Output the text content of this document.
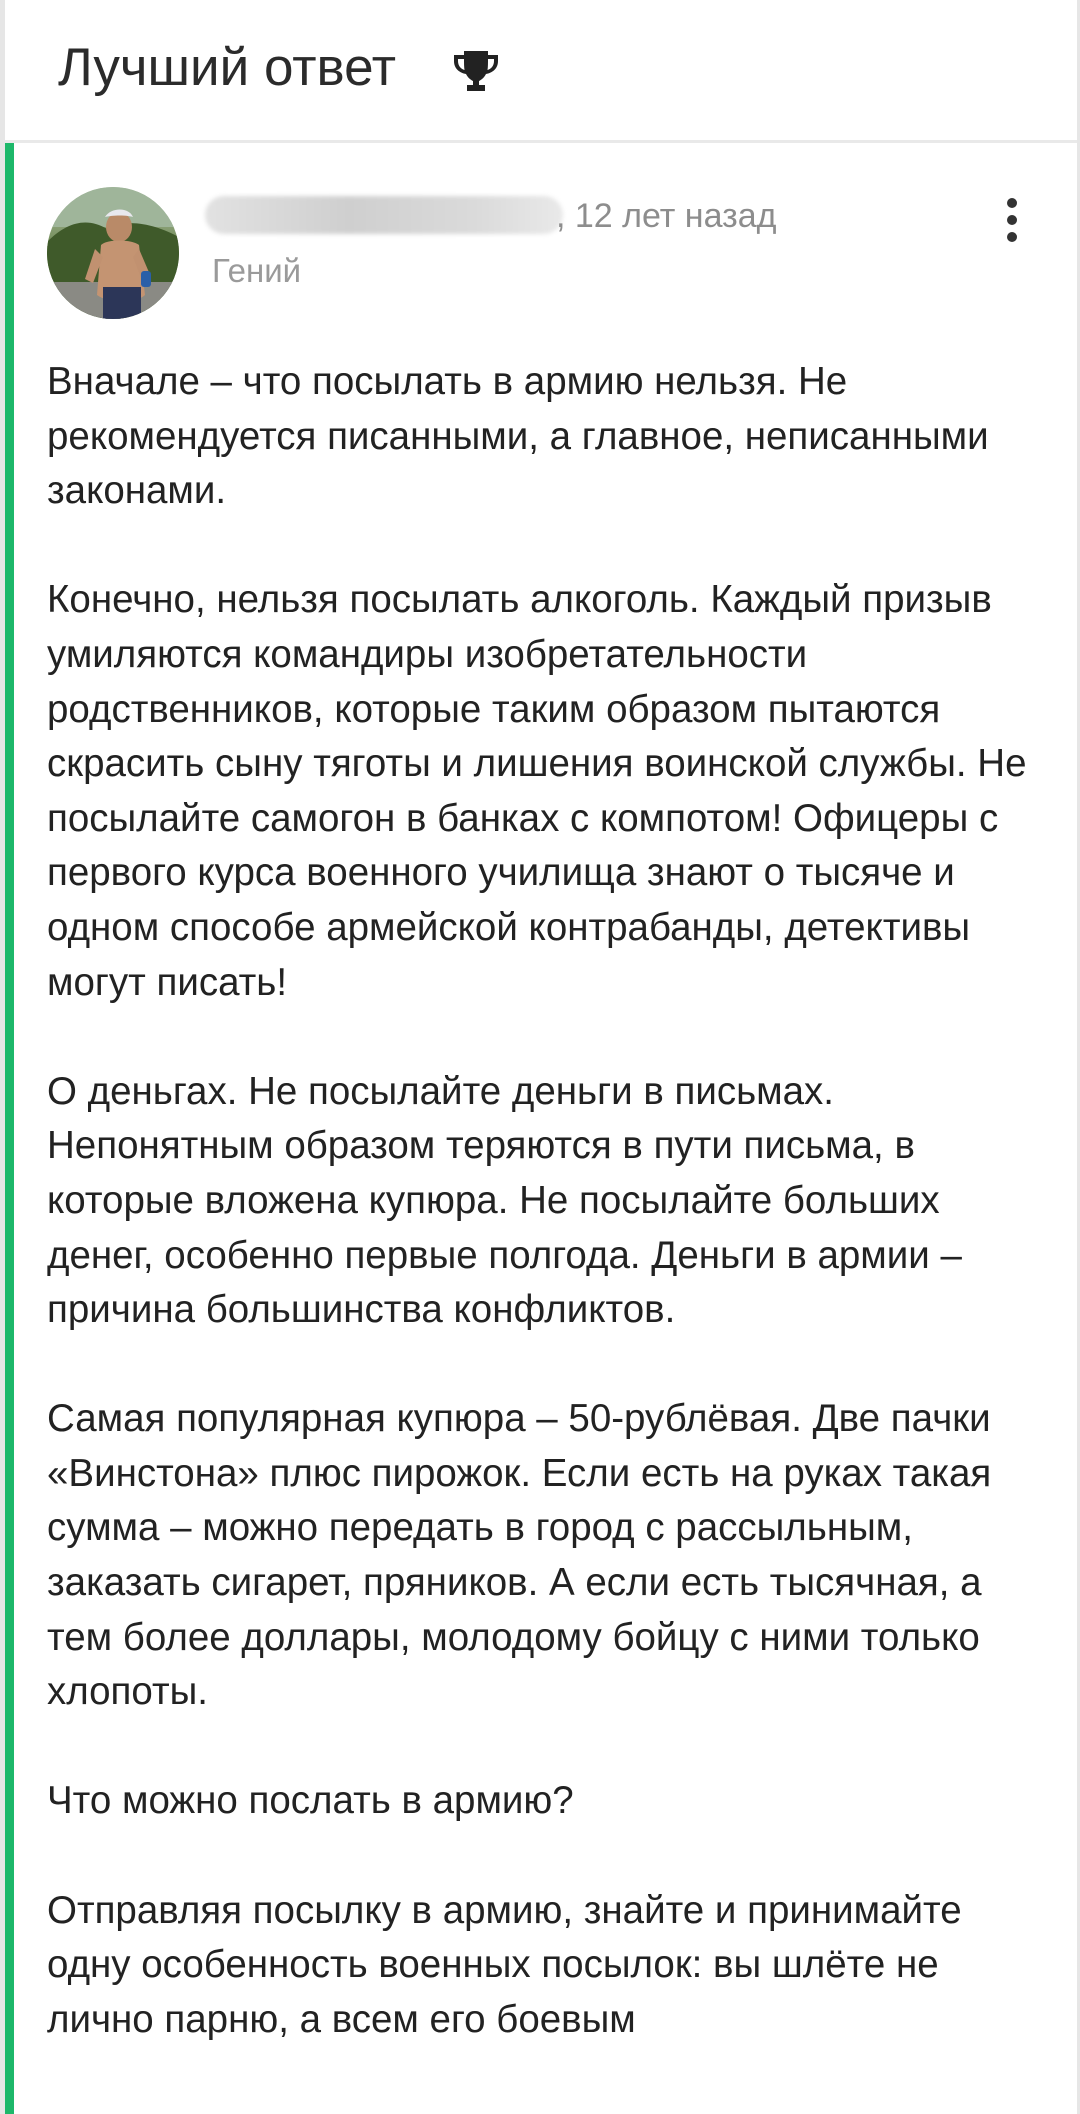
Лучший ответ
, 12 лет назад
Гений

Вначале – что посылать в армию нельзя. Не рекомендуется писанными, а главное, неписанными законами.

Конечно, нельзя посылать алкоголь. Каждый призыв умиляются командиры изобретательности родственников, которые таким образом пытаются скрасить сыну тяготы и лишения воинской службы. Не посылайте самогон в банках с компотом! Офицеры с первого курса военного училища знают о тысяче и одном способе армейской контрабанды, детективы могут писать!

О деньгах. Не посылайте деньги в письмах. Непонятным образом теряются в пути письма, в которые вложена купюра. Не посылайте больших денег, особенно первые полгода. Деньги в армии – причина большинства конфликтов.

Самая популярная купюра – 50-рублёвая. Две пачки «Винстона» плюс пирожок. Если есть на руках такая сумма – можно передать в город с рассыльным, заказать сигарет, пряников. А если есть тысячная, а тем более доллары, молодому бойцу с ними только хлопоты.

Что можно послать в армию?

Отправляя посылку в армию, знайте и принимайте одну особенность военных посылок: вы шлёте не лично парню, а всем его боевым
